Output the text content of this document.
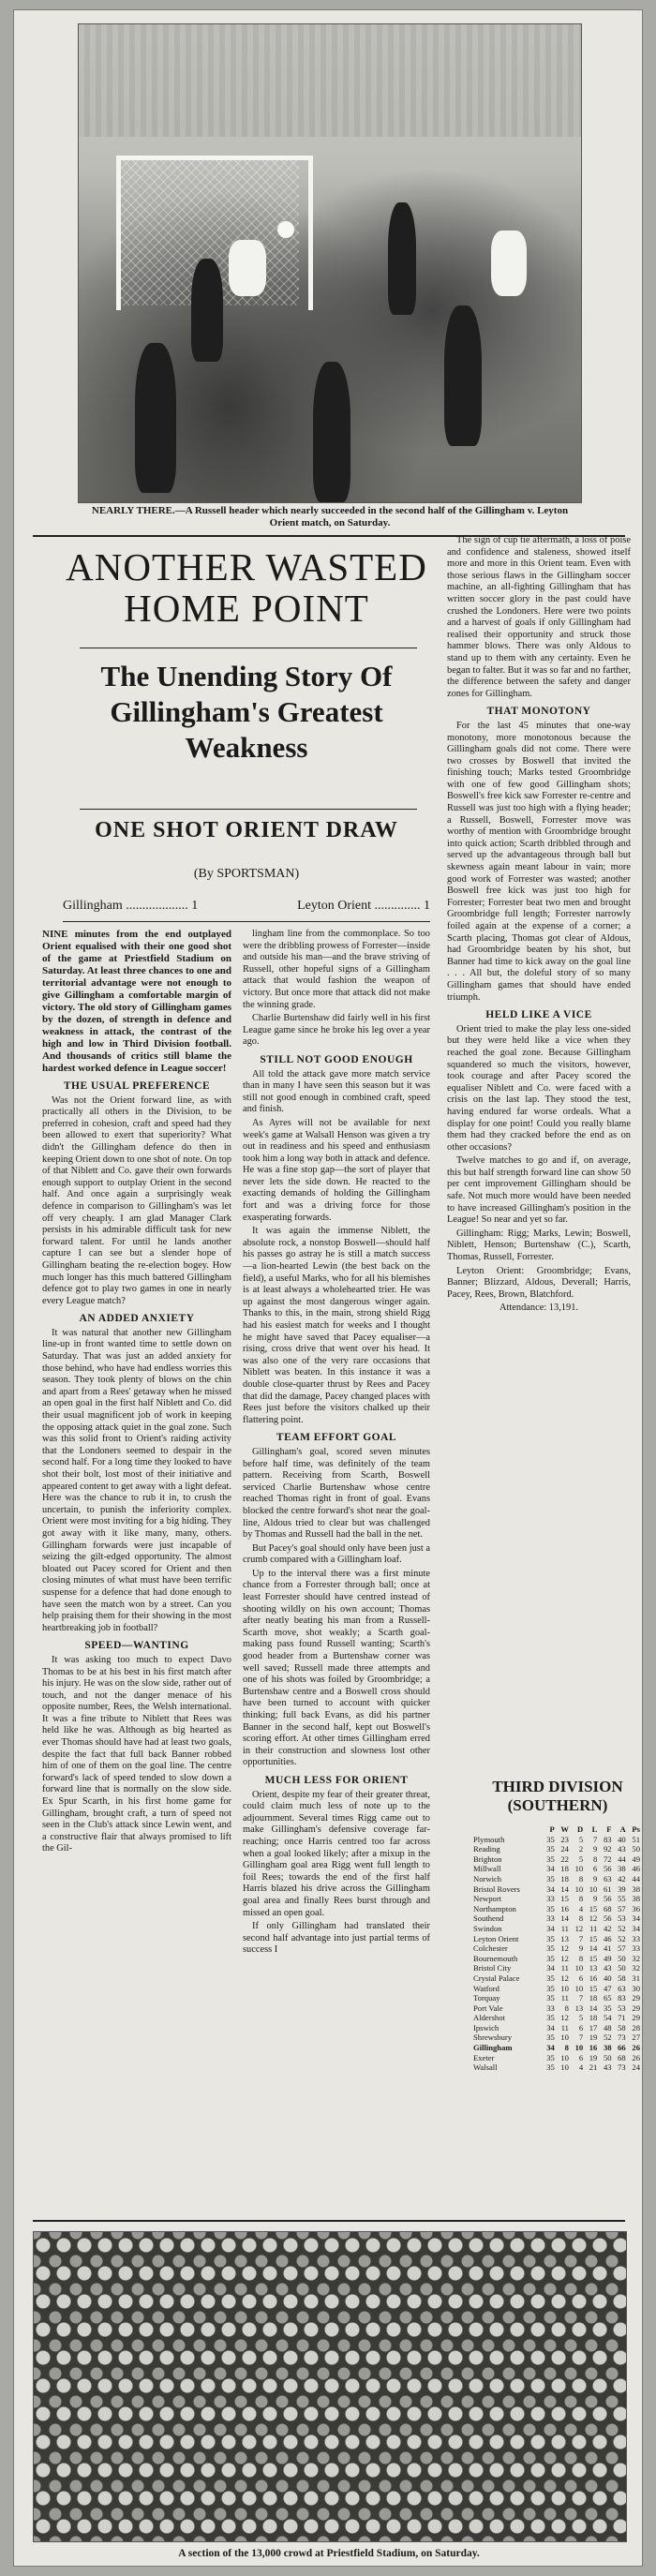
NEARLY THERE.—A Russell header which nearly succeeded in the second half of the Gillingham v. Leyton Orient match, on Saturday.
ANOTHER WASTED HOME POINT
The Unending Story Of Gillingham's Greatest Weakness
ONE SHOT ORIENT DRAW
(By SPORTSMAN)
Gillingham ................... 1	Leyton Orient .............. 1

NINE minutes from the end outplayed Orient equalised with their one good shot of the game at Priestfield Stadium on Saturday. At least three chances to one and territorial advantage were not enough to give Gillingham a comfortable margin of victory. The old story of Gillingham games by the dozen, of strength in defence and weakness in attack, the contrast of the high and low in Third Division football. And thousands of critics still blame the hardest worked defence in League soccer!

THE USUAL PREFERENCE

Was not the Orient forward line, as with practically all others in the Division, to be preferred in cohesion, craft and speed had they been allowed to exert that superiority? What didn't the Gillingham defence do then in keeping Orient down to one shot of note. On top of that Niblett and Co. gave their own forwards enough support to outplay Orient in the second half. And once again a surprisingly weak defence in comparison to Gillingham's was let off very cheaply. I am glad Manager Clark persists in his admirable difficult task for new forward talent. For until he lands another capture I can see but a slender hope of Gillingham beating the re-election bogey. How much longer has this much battered Gillingham defence got to play two games in one in nearly every League match?

AN ADDED ANXIETY

It was natural that another new Gillingham line-up in front wanted time to settle down on Saturday. That was just an added anxiety for those behind, who have had endless worries this season. They took plenty of blows on the chin and apart from a Rees' getaway when he missed an open goal in the first half Niblett and Co. did their usual magnificent job of work in keeping the opposing attack quiet in the goal zone. Such was this solid front to Orient's raiding activity that the Londoners seemed to despair in the second half. For a long time they looked to have shot their bolt, lost most of their initiative and appeared content to get away with a light defeat. Here was the chance to rub it in, to crush the uncertain, to punish the inferiority complex. Orient were most inviting for a big hiding. They got away with it like many, many, others. Gillingham forwards were just incapable of seizing the gilt-edged opportunity. The almost bloated out Pacey scored for Orient and then closing minutes of what must have been terrific suspense for a defence that had done enough to have seen the match won by a street. Can you help praising them for their showing in the most heartbreaking job in football?

SPEED—WANTING

It was asking too much to expect Davo Thomas to be at his best in his first match after his injury. He was on the slow side, rather out of touch, and not the danger menace of his opposite number, Rees, the Welsh international. It was a fine tribute to Niblett that Rees was held like he was. Although as big hearted as ever Thomas should have had at least two goals, despite the fact that full back Banner robbed him of one of them on the goal line. The centre forward's lack of speed tended to slow down a forward line that is normally on the slow side. Ex Spur Scarth, in his first home game for Gillingham, brought craft, a turn of speed not seen in the Club's attack since Lewin went, and a constructive flair that always promised to lift the Gil-

lingham line from the commonplace. So too were the dribbling prowess of Forrester—inside and outside his man—and the brave striving of Russell, other hopeful signs of a Gillingham attack that would fashion the weapon of victory. But once more that attack did not make the winning grade.

Charlie Burtenshaw did fairly well in his first League game since he broke his leg over a year ago.

STILL NOT GOOD ENOUGH

All told the attack gave more match service than in many I have seen this season but it was still not good enough in combined craft, speed and finish.

As Ayres will not be available for next week's game at Walsall Henson was given a try out in readiness and his speed and enthusiasm took him a long way both in attack and defence. He was a fine stop gap—the sort of player that never lets the side down. He reacted to the exacting demands of holding the Gillingham fort and was a driving force for those exasperating forwards.

It was again the immense Niblett, the absolute rock, a nonstop Boswell—should half his passes go astray he is still a match success—a lion-hearted Lewin (the best back on the field), a useful Marks, who for all his blemishes is at least always a wholehearted trier. He was up against the most dangerous winger again. Thanks to this, in the main, strong shield Rigg had his easiest match for weeks and I thought he might have saved that Pacey equaliser—a rising, cross drive that went over his head. It was also one of the very rare occasions that Niblett was beaten. In this instance it was a double close-quarter thrust by Rees and Pacey that did the damage, Pacey changed places with Rees just before the visitors chalked up their flattering point.

TEAM EFFORT GOAL

Gillingham's goal, scored seven minutes before half time, was definitely of the team pattern. Receiving from Scarth, Boswell serviced Charlie Burtenshaw whose centre reached Thomas right in front of goal. Evans blocked the centre forward's shot near the goal-line, Aldous tried to clear but was challenged by Thomas and Russell had the ball in the net.

But Pacey's goal should only have been just a crumb compared with a Gillingham loaf.

Up to the interval there was a first minute chance from a Forrester through ball; once at least Forrester should have centred instead of shooting wildly on his own account; Thomas after neatly beating his man from a Russell-Scarth move, shot weakly; a Scarth goal-making pass found Russell wanting; Scarth's good header from a Burtenshaw corner was well saved; Russell made three attempts and one of his shots was foiled by Groombridge; a Burtenshaw centre and a Boswell cross should have been turned to account with quicker thinking; full back Evans, as did his partner Banner in the second half, kept out Boswell's scoring effort. At other times Gillingham erred in their construction and slowness lost other opportunities.

MUCH LESS FOR ORIENT

Orient, despite my fear of their greater threat, could claim much less of note up to the adjournment. Several times Rigg came out to make Gillingham's defensive coverage far-reaching; once Harris centred too far across when a goal looked likely; after a mixup in the Gillingham goal area Rigg went full length to foil Rees; towards the end of the first half Harris blazed his drive across the Gillingham goal area and finally Rees burst through and missed an open goal.

If only Gillingham had translated their second half advantage into just partial terms of success I

The sign of cup tie aftermath, a loss of poise and confidence and staleness, showed itself more and more in this Orient team. Even with those serious flaws in the Gillingham soccer machine, an all-fighting Gillingham that has written soccer glory in the past could have crushed the Londoners. Here were two points and a harvest of goals if only Gillingham had realised their opportunity and struck those hammer blows. There was only Aldous to stand up to them with any certainty. Even he began to falter. But it was so far and no farther, the difference between the safety and danger zones for Gillingham.

THAT MONOTONY

For the last 45 minutes that one-way monotony, more monotonous because the Gillingham goals did not come. There were two crosses by Boswell that invited the finishing touch; Marks tested Groombridge with one of few good Gillingham shots; Boswell's free kick saw Forrester re-centre and Russell was just too high with a flying header; a Russell, Boswell, Forrester move was worthy of mention with Groombridge brought into quick action; Scarth dribbled through and served up the advantageous through ball but skewness again meant labour in vain; more good work of Forrester was wasted; another Boswell free kick was just too high for Forrester; Forrester beat two men and brought Groombridge full length; Forrester narrowly foiled again at the expense of a corner; a Scarth placing, Thomas got clear of Aldous, had Groombridge beaten by his shot, but Banner had time to kick away on the goal line . . . All but, the doleful story of so many Gillingham games that should have ended triumph.

HELD LIKE A VICE

Orient tried to make the play less one-sided but they were held like a vice when they reached the goal zone. Because Gillingham squandered so much the visitors, however, took courage and after Pacey scored the equaliser Niblett and Co. were faced with a crisis on the last lap. They stood the test, having endured far worse ordeals. What a display for one point! Could you really blame them had they cracked before the end as on other occasions?

Twelve matches to go and if, on average, this but half strength forward line can show 50 per cent improvement Gillingham should be safe. Not much more would have been needed to have increased Gillingham's position in the League! So near and yet so far.

Gillingham: Rigg; Marks, Lewin; Boswell, Niblett, Henson; Burtenshaw (C.), Scarth, Thomas, Russell, Forrester.

Leyton Orient: Groombridge; Evans, Banner; Blizzard, Aldous, Deverall; Harris, Pacey, Rees, Brown, Blatchford.

Attendance: 13,191.

THIRD DIVISION (SOUTHERN)
	P	W	D	L	F	A	Ps
Plymouth	35	23	5	7	83	40	51
Reading	35	24	2	9	92	43	50
Brighton	35	22	5	8	72	44	49
Millwall	34	18	10	6	56	38	46
Norwich	35	18	8	9	63	42	44
Bristol Rovers	34	14	10	10	61	39	38
Newport	33	15	8	9	56	55	38
Northampton	35	16	4	15	68	57	36
Southend	33	14	8	12	56	53	34
Swindon	34	11	12	11	42	52	34
Leyton Orient	35	13	7	15	46	52	33
Colchester	35	12	9	14	41	57	33
Bournemouth	35	12	8	15	49	50	32
Bristol City	34	11	10	13	43	50	32
Crystal Palace	35	12	6	16	40	58	31
Watford	35	10	10	15	47	63	30
Torquay	35	11	7	18	65	83	29
Port Vale	33	8	13	14	35	53	29
Aldershot	35	12	5	18	54	71	29
Ipswich	34	11	6	17	48	58	28
Shrewsbury	35	10	7	19	52	73	27
Gillingham	34	8	10	16	38	66	26
Exeter	35	10	6	19	50	68	26
Walsall	35	10	4	21	43	73	24
A section of the 13,000 crowd at Priestfield Stadium, on Saturday.
